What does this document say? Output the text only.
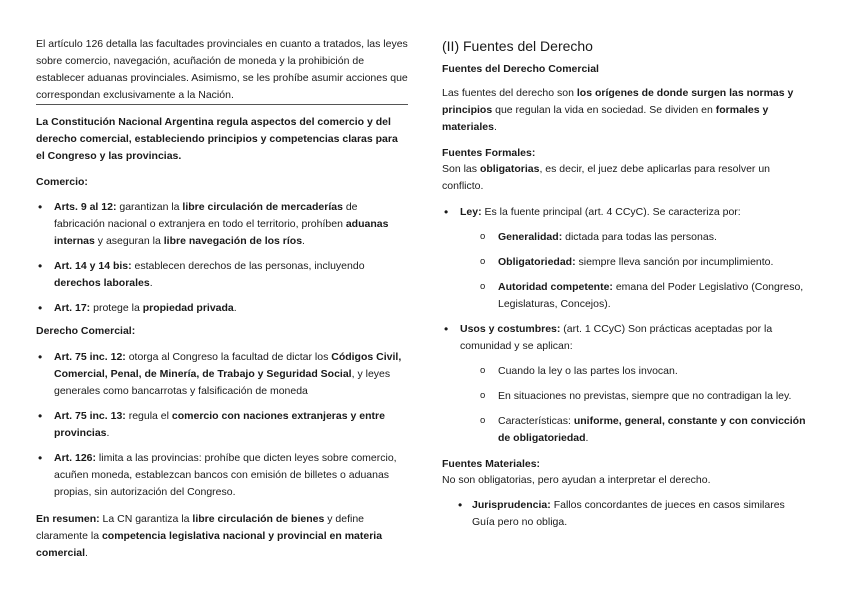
El artículo 126 detalla las facultades provinciales en cuanto a tratados, las leyes sobre comercio, navegación, acuñación de moneda y la prohibición de establecer aduanas provinciales. Asimismo, se les prohíbe asumir acciones que correspondan exclusivamente a la Nación.

La Constitución Nacional Argentina regula aspectos del comercio y del derecho comercial, estableciendo principios y competencias claras para el Congreso y las provincias.

Comercio:

• Arts. 9 al 12: garantizan la libre circulación de mercaderías de fabricación nacional o extranjera en todo el territorio, prohíben aduanas internas y aseguran la libre navegación de los ríos.
• Art. 14 y 14 bis: establecen derechos de las personas, incluyendo derechos laborales.
• Art. 17: protege la propiedad privada.

Derecho Comercial:

• Art. 75 inc. 12: otorga al Congreso la facultad de dictar los Códigos Civil, Comercial, Penal, de Minería, de Trabajo y Seguridad Social, y leyes generales como bancarrotas y falsificación de moneda
• Art. 75 inc. 13: regula el comercio con naciones extranjeras y entre provincias.
• Art. 126: limita a las provincias: prohíbe que dicten leyes sobre comercio, acuñen moneda, establezcan bancos con emisión de billetes o aduanas propias, sin autorización del Congreso.

En resumen: La CN garantiza la libre circulación de bienes y define claramente la competencia legislativa nacional y provincial en materia comercial.

(II) Fuentes del Derecho

Fuentes del Derecho Comercial

Las fuentes del derecho son los orígenes de donde surgen las normas y principios que regulan la vida en sociedad. Se dividen en formales y materiales.

Fuentes Formales:

Son las obligatorias, es decir, el juez debe aplicarlas para resolver un conflicto.

• Ley: Es la fuente principal (art. 4 CCyC). Se caracteriza por:
o Generalidad: dictada para todas las personas.
o Obligatoriedad: siempre lleva sanción por incumplimiento.
o Autoridad competente: emana del Poder Legislativo (Congreso, Legislaturas, Concejos).
• Usos y costumbres: (art. 1 CCyC) Son prácticas aceptadas por la comunidad y se aplican:
o Cuando la ley o las partes los invocan.
o En situaciones no previstas, siempre que no contradigan la ley.
o Características: uniforme, general, constante y con convicción de obligatoriedad.

Fuentes Materiales:

No son obligatorias, pero ayudan a interpretar el derecho.

• Jurisprudencia: Fallos concordantes de jueces en casos similares Guía pero no obliga.
